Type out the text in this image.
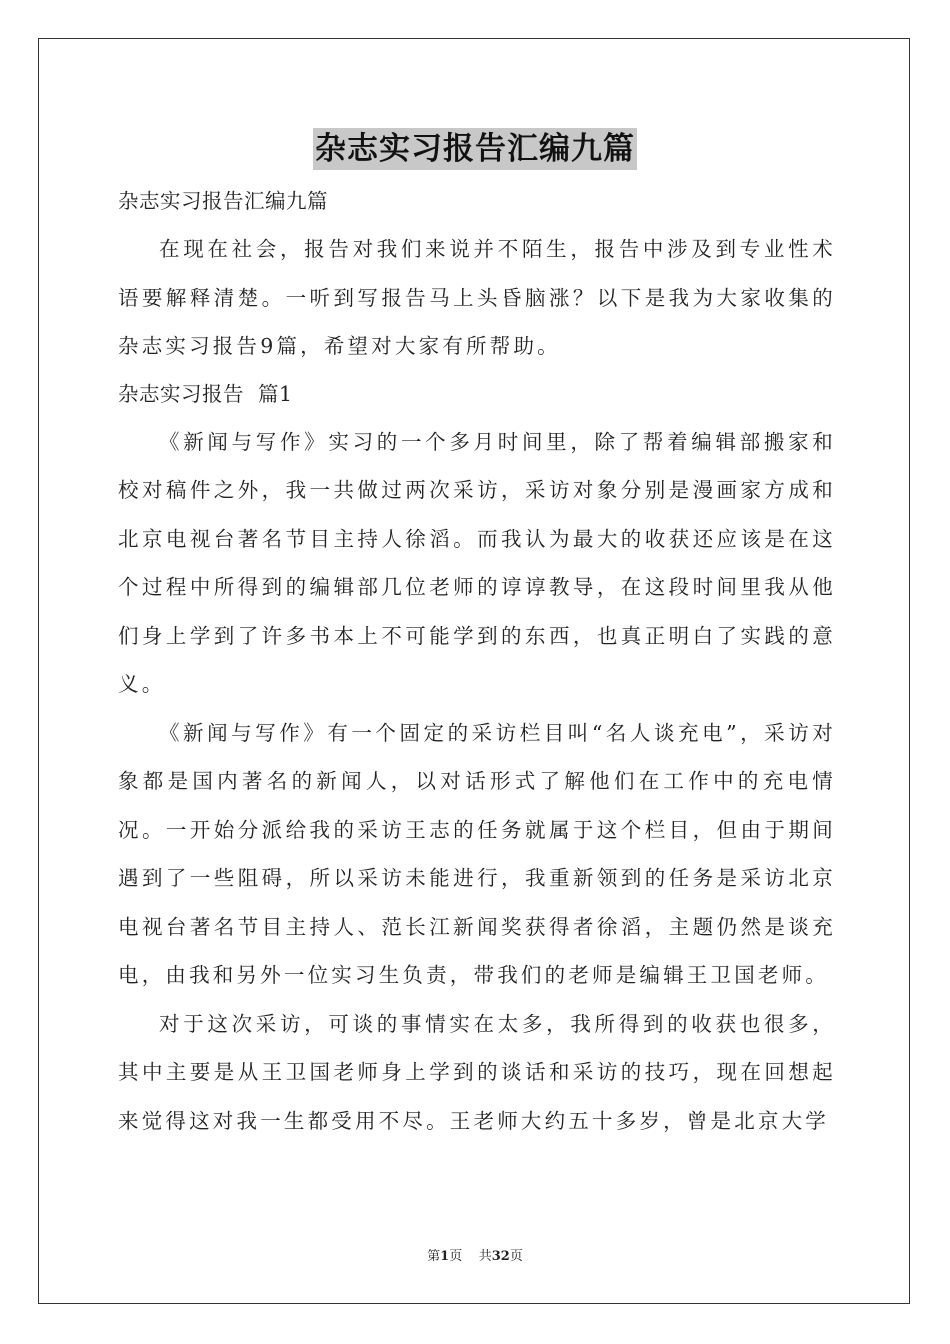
杂志实习报告汇编九篇

杂志实习报告汇编九篇

在现在社会，报告对我们来说并不陌生，报告中涉及到专业性术语要解释清楚。一听到写报告马上头昏脑涨？以下是我为大家收集的杂志实习报告9篇，希望对大家有所帮助。

杂志实习报告  篇1

《新闻与写作》实习的一个多月时间里，除了帮着编辑部搬家和校对稿件之外，我一共做过两次采访，采访对象分别是漫画家方成和北京电视台著名节目主持人徐滔。而我认为最大的收获还应该是在这个过程中所得到的编辑部几位老师的谆谆教导，在这段时间里我从他们身上学到了许多书本上不可能学到的东西，也真正明白了实践的意义。

《新闻与写作》有一个固定的采访栏目叫“名人谈充电”，采访对象都是国内著名的新闻人，以对话形式了解他们在工作中的充电情况。一开始分派给我的采访王志的任务就属于这个栏目，但由于期间遇到了一些阻碍，所以采访未能进行，我重新领到的任务是采访北京电视台著名节目主持人、范长江新闻奖获得者徐滔，主题仍然是谈充电，由我和另外一位实习生负责，带我们的老师是编辑王卫国老师。

对于这次采访，可谈的事情实在太多，我所得到的收获也很多，其中主要是从王卫国老师身上学到的谈话和采访的技巧，现在回想起来觉得这对我一生都受用不尽。王老师大约五十多岁，曾是北京大学

第1页 共32页
